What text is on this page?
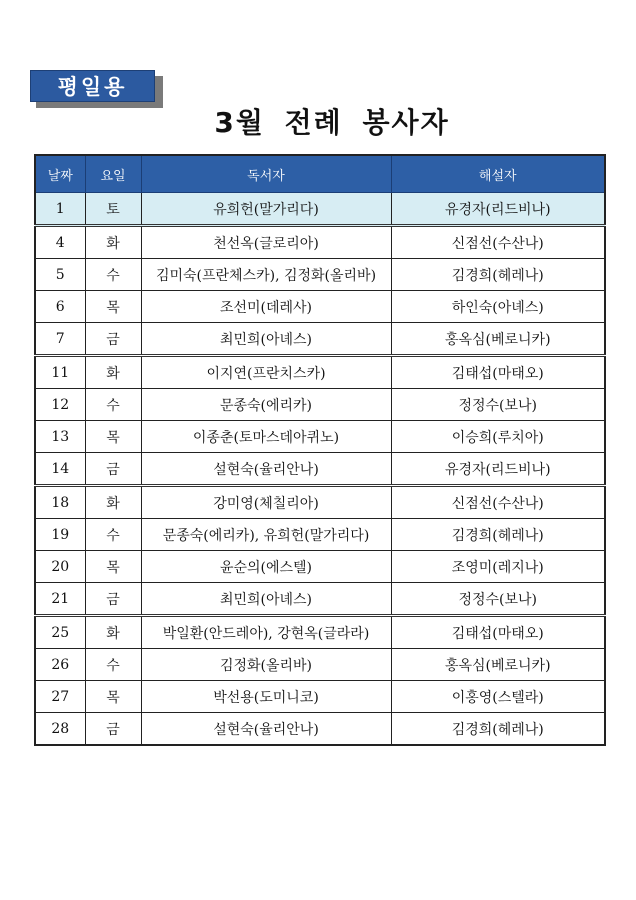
평일용
3월 전례 봉사자
날짜	요일	독서자	해설자
1	토	유희헌(말가리다)	유경자(리드비나)
4	화	천선옥(글로리아)	신점선(수산나)
5	수	김미숙(프란체스카), 김정화(올리바)	김경희(헤레나)
6	목	조선미(데레사)	하인숙(아녜스)
7	금	최민희(아녜스)	홍옥심(베로니카)
11	화	이지연(프란치스카)	김태섭(마태오)
12	수	문종숙(에리카)	정정수(보나)
13	목	이종춘(토마스데아퀴노)	이승희(루치아)
14	금	설현숙(율리안나)	유경자(리드비나)
18	화	강미영(체칠리아)	신점선(수산나)
19	수	문종숙(에리카), 유희헌(말가리다)	김경희(헤레나)
20	목	윤순의(에스텔)	조영미(레지나)
21	금	최민희(아녜스)	정정수(보나)
25	화	박일환(안드레아), 강현옥(글라라)	김태섭(마태오)
26	수	김정화(올리바)	홍옥심(베로니카)
27	목	박선용(도미니코)	이홍영(스텔라)
28	금	설현숙(율리안나)	김경희(헤레나)
